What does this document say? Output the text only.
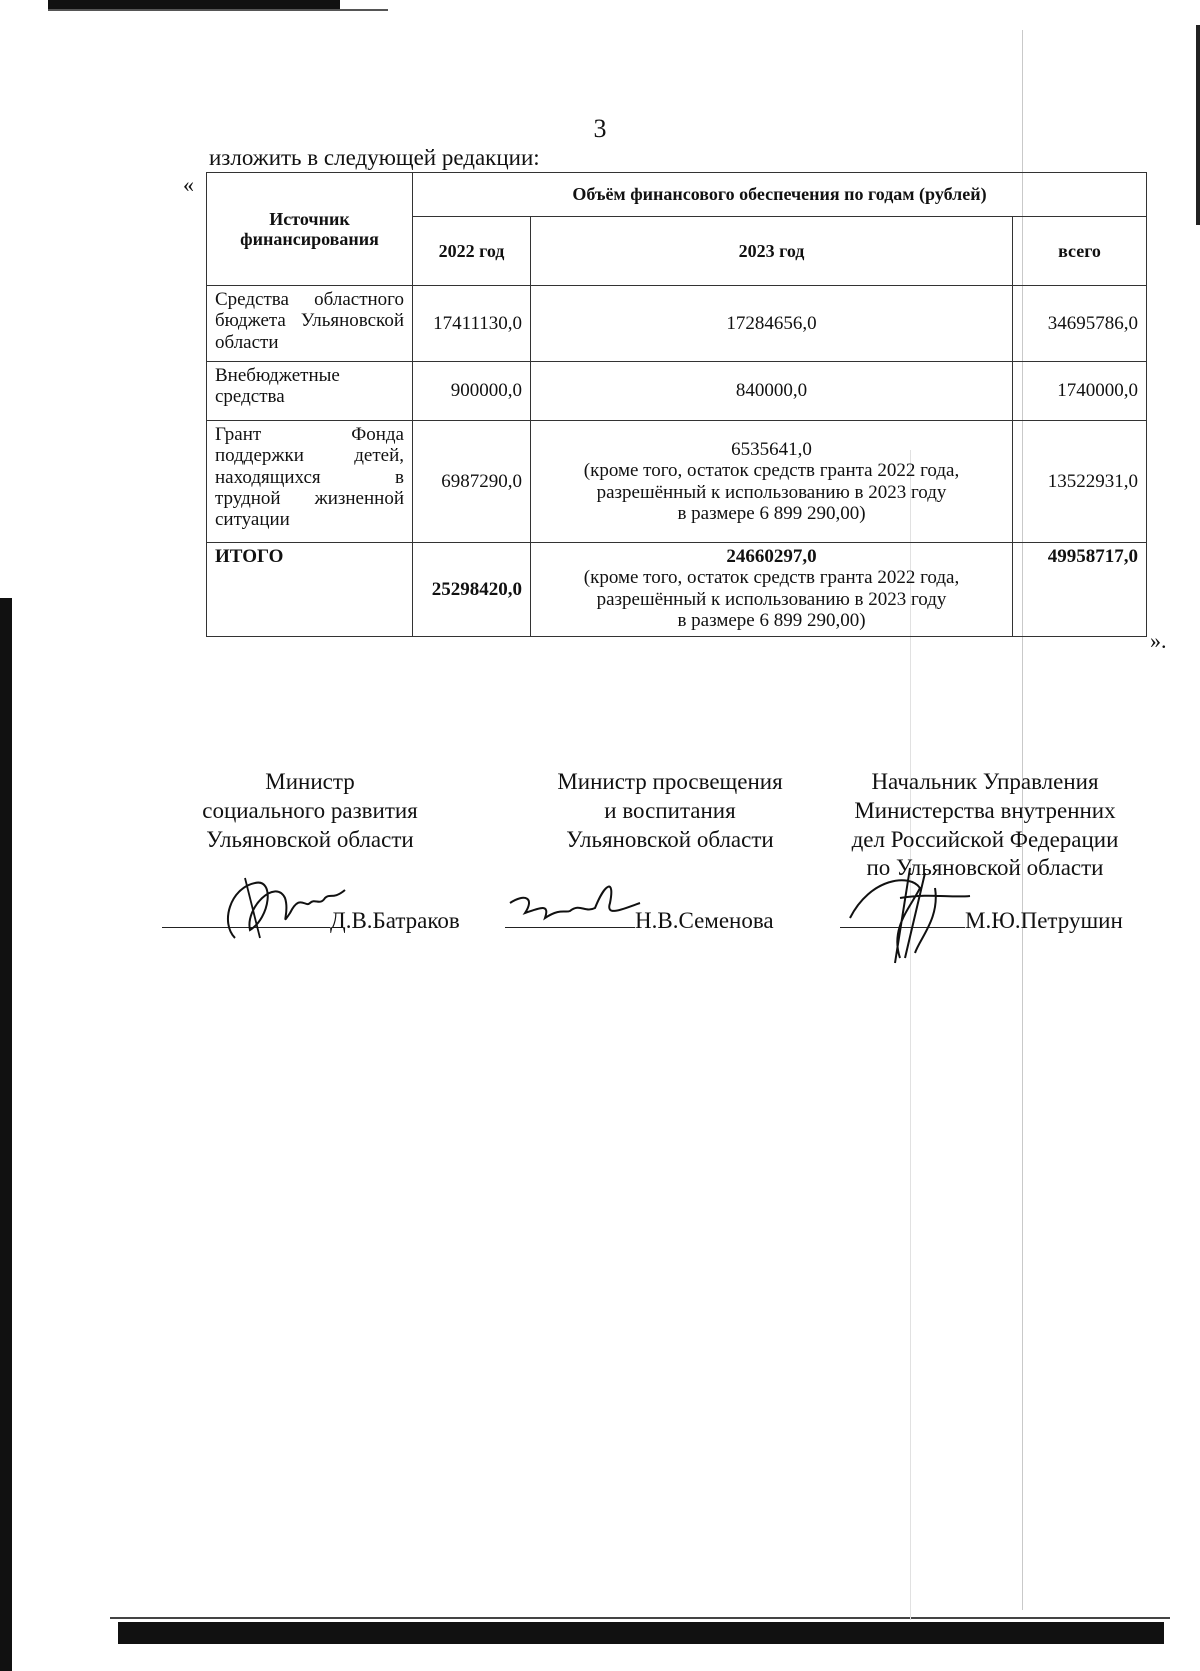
3
изложить в следующей редакции:
«
Источник финансирования	Объём финансового обеспечения по годам (рублей)		
	2022 год	2023 год	всего
Средства областного бюджета Ульяновской области	17411130,0	17284656,0	34695786,0
Внебюджетные средства	900000,0	840000,0	1740000,0
Грант Фонда поддержки детей, находящихся в трудной жизненной ситуации	6987290,0	6535641,0
(кроме того, остаток средств гранта 2022 года,
разрешённый к использованию в 2023 году
в размере 6 899 290,00)	13522931,0
ИТОГО	25298420,0	24660297,0
(кроме того, остаток средств гранта 2022 года,
разрешённый к использованию в 2023 году
в размере 6 899 290,00)	49958717,0
».
Министр
социального развития
Ульяновской области
Министр просвещения
и воспитания
Ульяновской области
Начальник Управления
Министерства внутренних
дел Российской Федерации
по Ульяновской области
Д.В.Батраков	Н.В.Семенова	М.Ю.Петрушин
